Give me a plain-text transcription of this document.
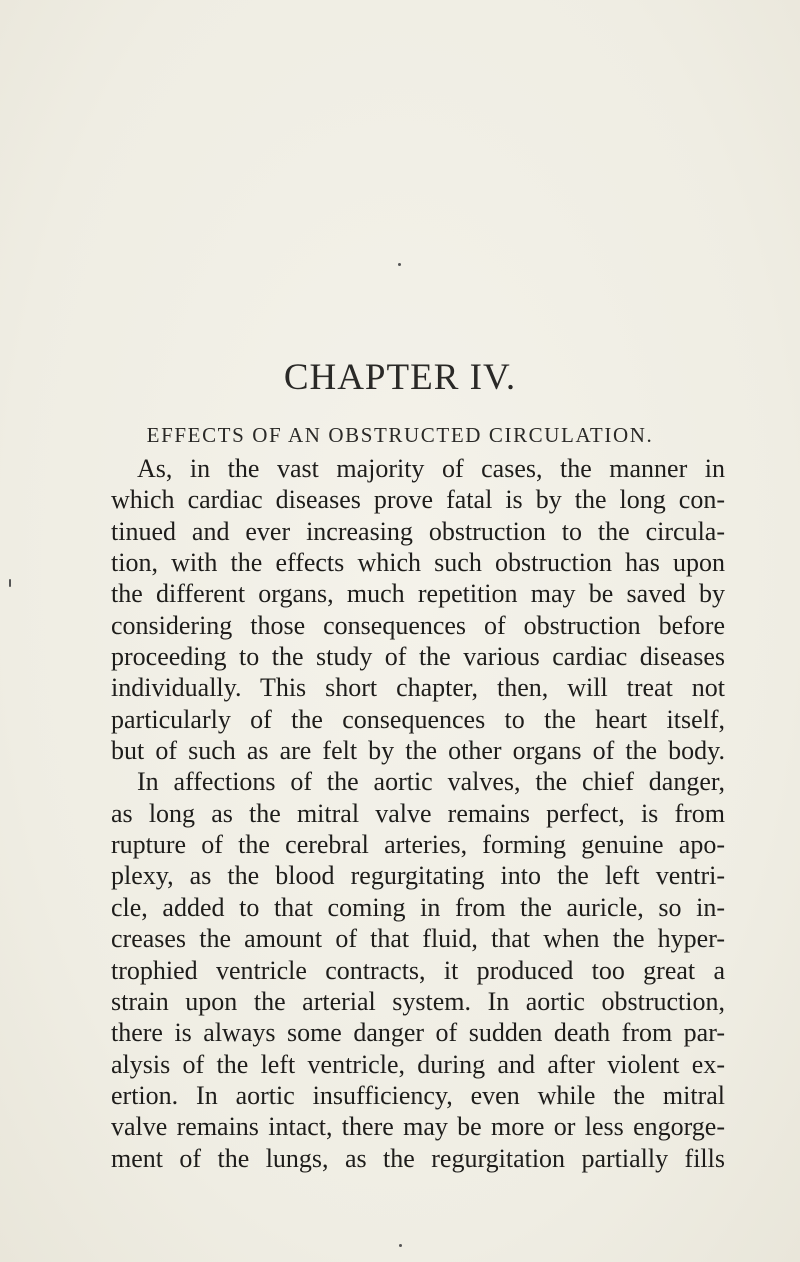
CHAPTER IV.
EFFECTS OF AN OBSTRUCTED CIRCULATION.
As, in the vast majority of cases, the manner in
which cardiac diseases prove fatal is by the long con-
tinued and ever increasing obstruction to the circula-
tion, with the effects which such obstruction has upon
the different organs, much repetition may be saved by
considering those consequences of obstruction before
proceeding to the study of the various cardiac diseases
individually. This short chapter, then, will treat not
particularly of the consequences to the heart itself,
but of such as are felt by the other organs of the body.
In affections of the aortic valves, the chief danger,
as long as the mitral valve remains perfect, is from
rupture of the cerebral arteries, forming genuine apo-
plexy, as the blood regurgitating into the left ventri-
cle, added to that coming in from the auricle, so in-
creases the amount of that fluid, that when the hyper-
trophied ventricle contracts, it produced too great a
strain upon the arterial system. In aortic obstruction,
there is always some danger of sudden death from par-
alysis of the left ventricle, during and after violent ex-
ertion. In aortic insufficiency, even while the mitral
valve remains intact, there may be more or less engorge-
ment of the lungs, as the regurgitation partially fills
